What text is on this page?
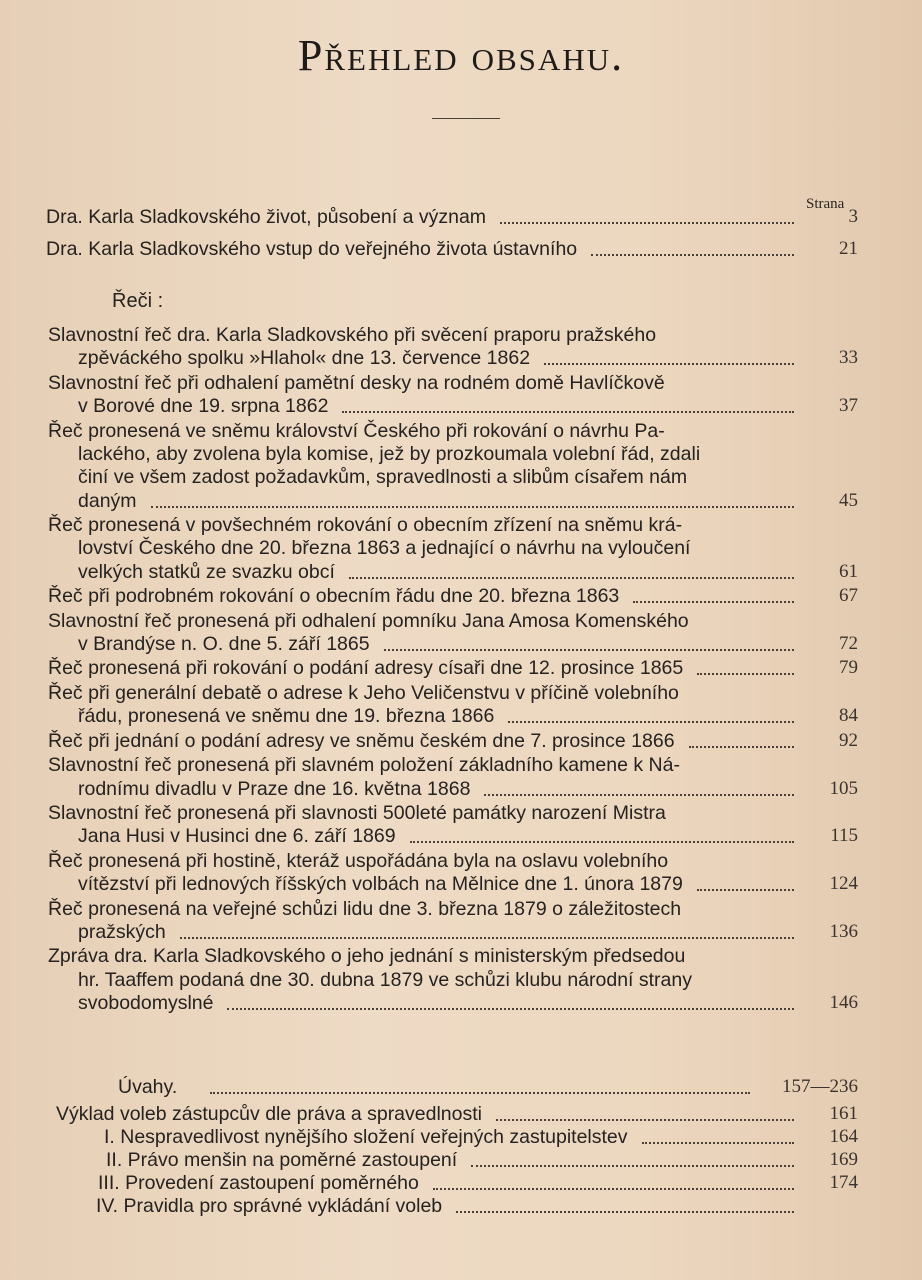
Přehled obsahu.
Strana
Dra. Karla Sladkovského život, působení a význam	3
Dra. Karla Sladkovského vstup do veřejného života ústavního	21
Řeči :
Slavnostní řeč dra. Karla Sladkovského při svěcení praporu pražského
zpěváckého spolku »Hlahol« dne 13. července 1862	33
Slavnostní řeč při odhalení pamětní desky na rodném domě Havlíčkově
v Borové dne 19. srpna 1862	37
Řeč pronesená ve sněmu království Českého při rokování o návrhu Pa-
lackého, aby zvolena byla komise, jež by prozkoumala volební řád, zdali
činí ve všem zadost požadavkům, spravedlnosti a slibům císařem nám
daným	45
Řeč pronesená v povšechném rokování o obecním zřízení na sněmu krá-
lovství Českého dne 20. března 1863 a jednající o návrhu na vyloučení
velkých statků ze svazku obcí	61
Řeč při podrobném rokování o obecním řádu dne 20. března 1863	67
Slavnostní řeč pronesená při odhalení pomníku Jana Amosa Komenského
v Brandýse n. O. dne 5. září 1865	72
Řeč pronesená při rokování o podání adresy císaři dne 12. prosince 1865	79
Řeč při generální debatě o adrese k Jeho Veličenstvu v příčině volebního
řádu, pronesená ve sněmu dne 19. března 1866	84
Řeč při jednání o podání adresy ve sněmu českém dne 7. prosince 1866	92
Slavnostní řeč pronesená při slavném položení základního kamene k Ná-
rodnímu divadlu v Praze dne 16. května 1868	105
Slavnostní řeč pronesená při slavnosti 500leté památky narození Mistra
Jana Husi v Husinci dne 6. září 1869	115
Řeč pronesená při hostině, kteráž uspořádána byla na oslavu volebního
vítězství při lednových říšských volbách na Mělnice dne 1. února 1879	124
Řeč pronesená na veřejné schůzi lidu dne 3. března 1879 o záležitostech
pražských	136
Zpráva dra. Karla Sladkovského o jeho jednání s ministerským předsedou
hr. Taaffem podaná dne 30. dubna 1879 ve schůzi klubu národní strany
svobodomyslné	146
Úvahy.	157—236
Výklad voleb zástupcův dle práva a spravedlnosti	161
I. Nespravedlivost nynějšího složení veřejných zastupitelstev	164
II. Právo menšin na poměrné zastoupení	169
III. Provedení zastoupení poměrného	174
IV. Pravidla pro správné vykládání voleb
